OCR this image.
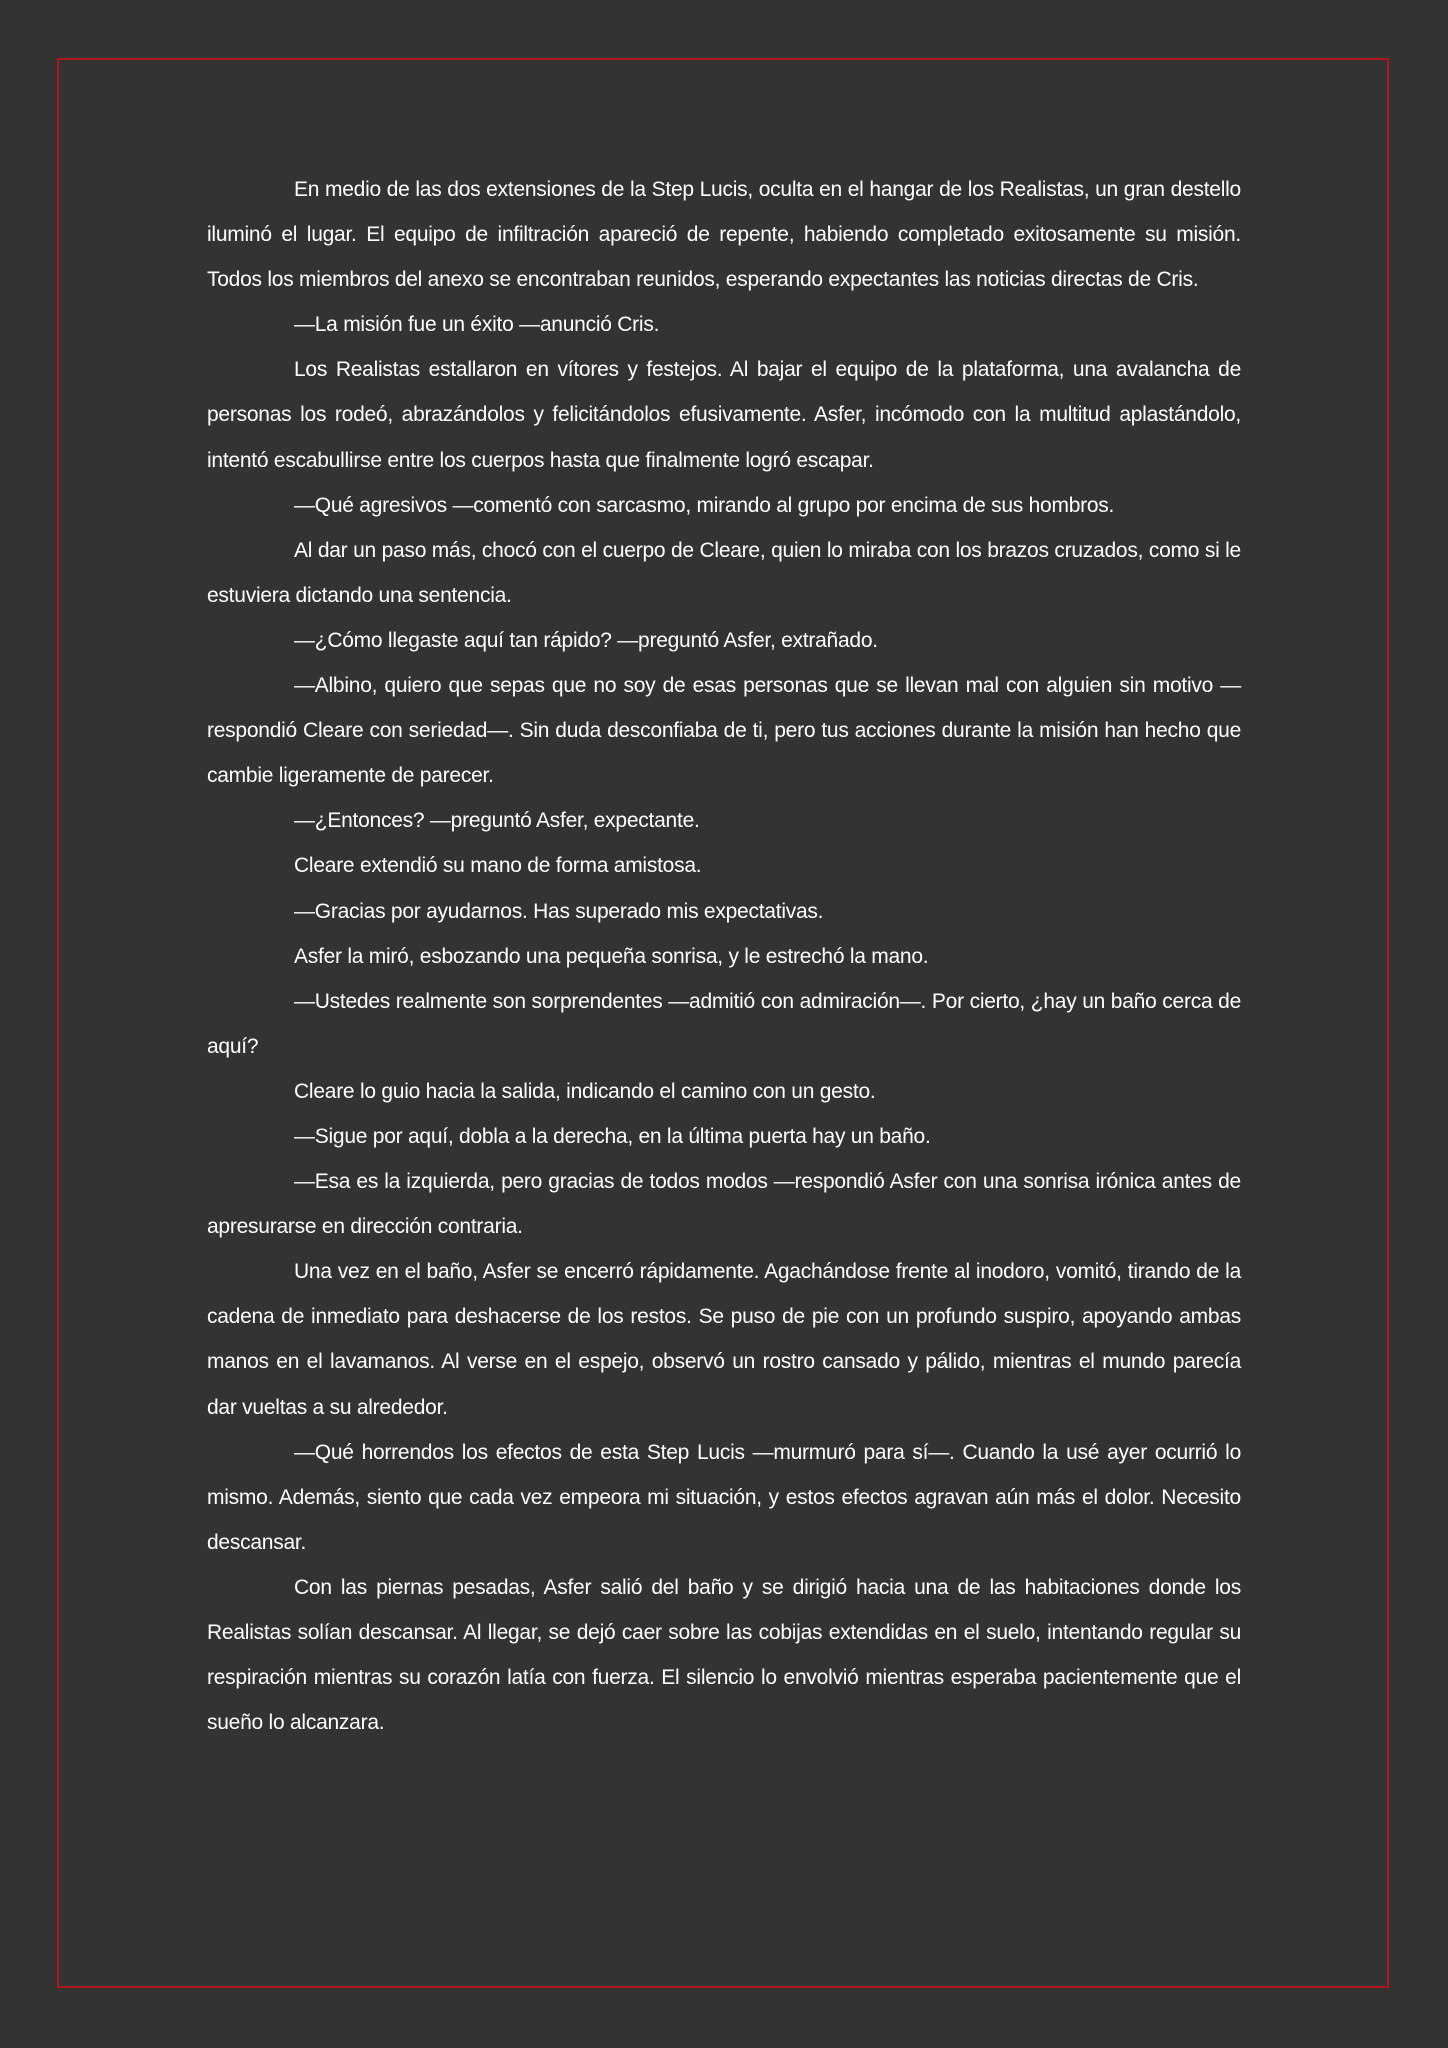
En medio de las dos extensiones de la Step Lucis, oculta en el hangar de los Realistas, un gran destello iluminó el lugar. El equipo de infiltración apareció de repente, habiendo completado exitosamente su misión. Todos los miembros del anexo se encontraban reunidos, esperando expectantes las noticias directas de Cris.

—La misión fue un éxito —anunció Cris.

Los Realistas estallaron en vítores y festejos. Al bajar el equipo de la plataforma, una avalancha de personas los rodeó, abrazándolos y felicitándolos efusivamente. Asfer, incómodo con la multitud aplastándolo, intentó escabullirse entre los cuerpos hasta que finalmente logró escapar.

—Qué agresivos —comentó con sarcasmo, mirando al grupo por encima de sus hombros.

Al dar un paso más, chocó con el cuerpo de Cleare, quien lo miraba con los brazos cruzados, como si le estuviera dictando una sentencia.

—¿Cómo llegaste aquí tan rápido? —preguntó Asfer, extrañado.

—Albino, quiero que sepas que no soy de esas personas que se llevan mal con alguien sin motivo —respondió Cleare con seriedad—. Sin duda desconfiaba de ti, pero tus acciones durante la misión han hecho que cambie ligeramente de parecer.

—¿Entonces? —preguntó Asfer, expectante.

Cleare extendió su mano de forma amistosa.

—Gracias por ayudarnos. Has superado mis expectativas.

Asfer la miró, esbozando una pequeña sonrisa, y le estrechó la mano.

—Ustedes realmente son sorprendentes —admitió con admiración—. Por cierto, ¿hay un baño cerca de aquí?

Cleare lo guio hacia la salida, indicando el camino con un gesto.

—Sigue por aquí, dobla a la derecha, en la última puerta hay un baño.

—Esa es la izquierda, pero gracias de todos modos —respondió Asfer con una sonrisa irónica antes de apresurarse en dirección contraria.

Una vez en el baño, Asfer se encerró rápidamente. Agachándose frente al inodoro, vomitó, tirando de la cadena de inmediato para deshacerse de los restos. Se puso de pie con un profundo suspiro, apoyando ambas manos en el lavamanos. Al verse en el espejo, observó un rostro cansado y pálido, mientras el mundo parecía dar vueltas a su alrededor.

—Qué horrendos los efectos de esta Step Lucis —murmuró para sí—. Cuando la usé ayer ocurrió lo mismo. Además, siento que cada vez empeora mi situación, y estos efectos agravan aún más el dolor. Necesito descansar.

Con las piernas pesadas, Asfer salió del baño y se dirigió hacia una de las habitaciones donde los Realistas solían descansar. Al llegar, se dejó caer sobre las cobijas extendidas en el suelo, intentando regular su respiración mientras su corazón latía con fuerza. El silencio lo envolvió mientras esperaba pacientemente que el sueño lo alcanzara.
